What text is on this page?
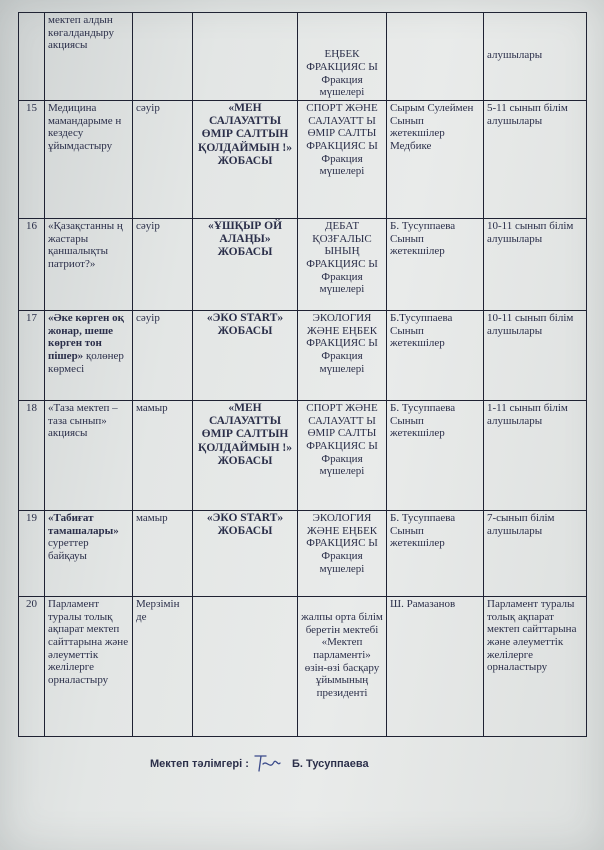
	мектеп алдын көгалдандыру акциясы			ЕҢБЕК ФРАКЦИЯС Ы Фракция мүшелері		алушылары
15	Медицина мамандарыме н кездесу ұйымдастыру	сәуір	«МЕН САЛАУАТТЫ ӨМІР САЛТЫН ҚОЛДАЙМЫН !» ЖОБАСЫ	СПОРТ ЖӘНЕ САЛАУАТТ Ы ӨМІР САЛТЫ ФРАКЦИЯС Ы Фракция мүшелері	Сырым Сулеймен Сынып жетекшілер Медбике	5-11 сынып білім алушылары
16	«Қазақстанны ң жастары қаншалықты патриот?»	сәуір	«ҰШҚЫР ОЙ АЛАҢЫ» ЖОБАСЫ	ДЕБАТ ҚОЗҒАЛЫС ЫНЫҢ ФРАКЦИЯС Ы Фракция мүшелері	Б. Тусуппаева Сынып жетекшілер	10-11 сынып білім алушылары
17	«Әке көрген оқ жонар, шеше көрген тон пішер» қолөнер көрмесі	сәуір	«ЭКО START» ЖОБАСЫ	ЭКОЛОГИЯ ЖӘНЕ ЕҢБЕК ФРАКЦИЯС Ы Фракция мүшелері	Б.Тусуппаева Сынып жетекшілер	10-11 сынып білім алушылары
18	«Таза мектеп – таза сынып» акциясы	мамыр	«МЕН САЛАУАТТЫ ӨМІР САЛТЫН ҚОЛДАЙМЫН !» ЖОБАСЫ	СПОРТ ЖӘНЕ САЛАУАТТ Ы ӨМІР САЛТЫ ФРАКЦИЯС Ы Фракция мүшелері	Б. Тусуппаева Сынып жетекшілер	1-11 сынып білім алушылары
19	«Табиғат тамашалары» суреттер байқауы	мамыр	«ЭКО START» ЖОБАСЫ	ЭКОЛОГИЯ ЖӘНЕ ЕҢБЕК ФРАКЦИЯС Ы Фракция мүшелері	Б. Тусуппаева Сынып жетекшілер	7-сынып білім алушылары
20	Парламент туралы толық ақпарат мектеп сайттарына және әлеуметтік желілерге орналастыру	Мерзімін де		жалпы орта білім беретін мектебі «Мектеп парламенті» өзін-өзі басқару ұйымының президенті	Ш. Рамазанов	Парламент туралы толық ақпарат мектеп сайттарына және әлеуметтік желілерге орналастыру
Мектеп тәлімгері :	Б. Тусуппаева
